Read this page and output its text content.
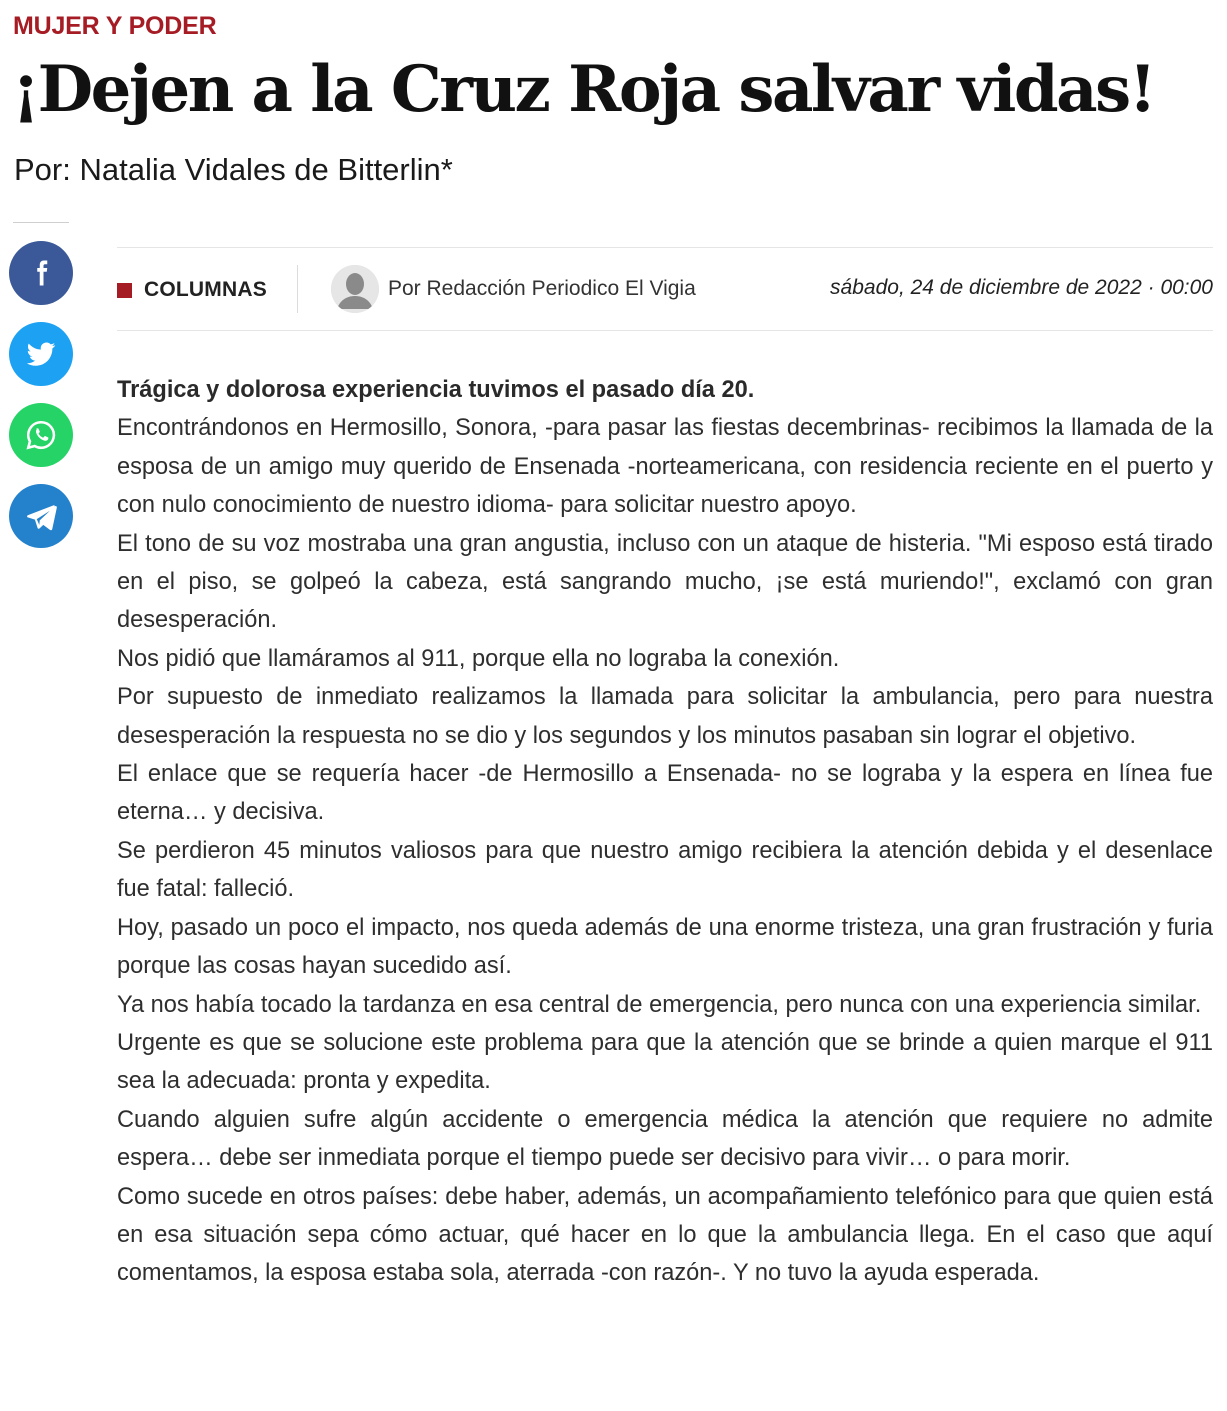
MUJER Y PODER
¡Dejen a la Cruz Roja salvar vidas!
Por: Natalia Vidales de Bitterlin*
COLUMNAS	Por Redacción Periodico El Vigia	sábado, 24 de diciembre de 2022 · 00:00

Trágica y dolorosa experiencia tuvimos el pasado día 20.

Encontrándonos en Hermosillo, Sonora, -para pasar las fiestas decembrinas- recibimos la llamada de la esposa de un amigo muy querido de Ensenada -norteamericana, con residencia reciente en el puerto y con nulo conocimiento de nuestro idioma- para solicitar nuestro apoyo.

El tono de su voz mostraba una gran angustia, incluso con un ataque de histeria. "Mi esposo está tirado en el piso, se golpeó la cabeza, está sangrando mucho, ¡se está muriendo!", exclamó con gran desesperación.

Nos pidió que llamáramos al 911, porque ella no lograba la conexión.

Por supuesto de inmediato realizamos la llamada para solicitar la ambulancia, pero para nuestra desesperación la respuesta no se dio y los segundos y los minutos pasaban sin lograr el objetivo.

El enlace que se requería hacer -de Hermosillo a Ensenada- no se lograba y la espera en línea fue eterna… y decisiva.

Se perdieron 45 minutos valiosos para que nuestro amigo recibiera la atención debida y el desenlace fue fatal: falleció.

Hoy, pasado un poco el impacto, nos queda además de una enorme tristeza, una gran frustración y furia porque las cosas hayan sucedido así.

Ya nos había tocado la tardanza en esa central de emergencia, pero nunca con una experiencia similar.

Urgente es que se solucione este problema para que la atención que se brinde a quien marque el 911 sea la adecuada: pronta y expedita.

Cuando alguien sufre algún accidente o emergencia médica la atención que requiere no admite espera… debe ser inmediata porque el tiempo puede ser decisivo para vivir… o para morir.

Como sucede en otros países: debe haber, además, un acompañamiento telefónico para que quien está en esa situación sepa cómo actuar, qué hacer en lo que la ambulancia llega. En el caso que aquí comentamos, la esposa estaba sola, aterrada -con razón-. Y no tuvo la ayuda esperada.
